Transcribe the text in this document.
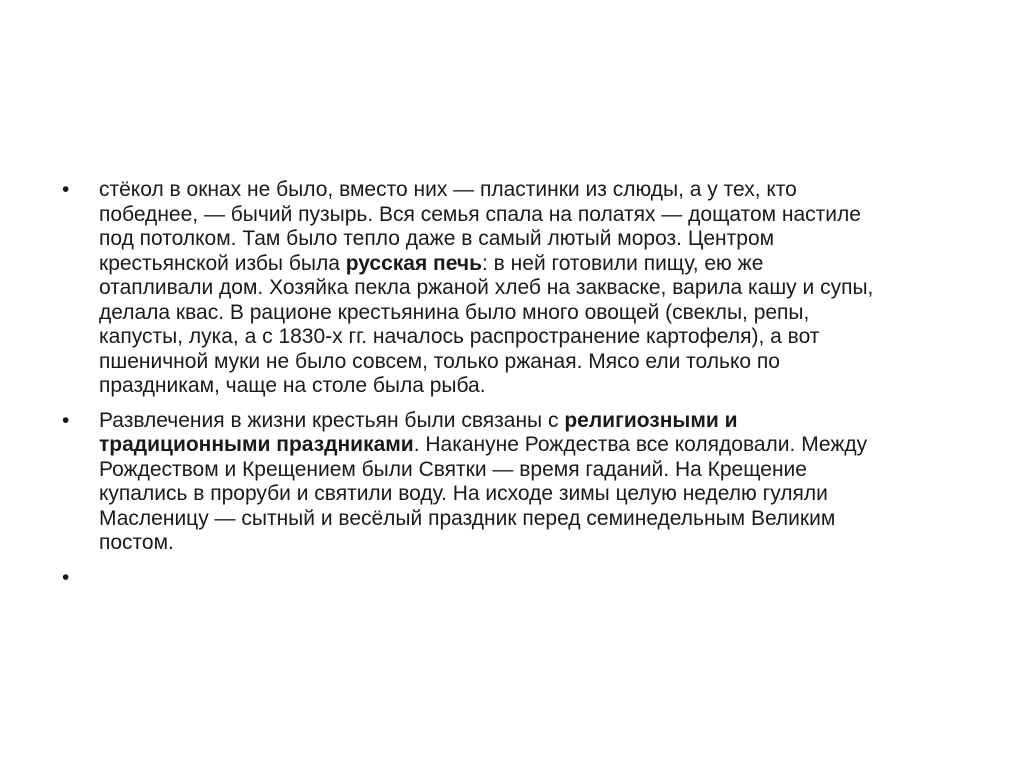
• стёкол в окнах не было, вместо них — пластинки из слюды, а у тех, кто
победнее, — бычий пузырь. Вся семья спала на полатях — дощатом настиле
под потолком. Там было тепло даже в самый лютый мороз. Центром
крестьянской избы была русская печь: в ней готовили пищу, ею же
отапливали дом. Хозяйка пекла ржаной хлеб на закваске, варила кашу и супы,
делала квас. В рационе крестьянина было много овощей (свеклы, репы,
капусты, лука, а с 1830-х гг. началось распространение картофеля), а вот
пшеничной муки не было совсем, только ржаная. Мясо ели только по
праздникам, чаще на столе была рыба.
• Развлечения в жизни крестьян были связаны с религиозными и
традиционными праздниками. Накануне Рождества все колядовали. Между
Рождеством и Крещением были Святки — время гаданий. На Крещение
купались в проруби и святили воду. На исходе зимы целую неделю гуляли
Масленицу — сытный и весёлый праздник перед семинедельным Великим
постом.
•
